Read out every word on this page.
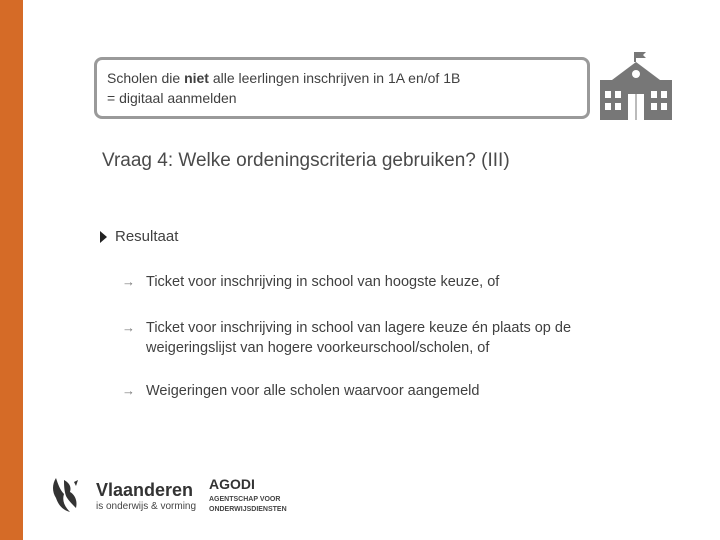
Scholen die niet alle leerlingen inschrijven in 1A en/of 1B
= digitaal aanmelden
Vraag 4: Welke ordeningscriteria gebruiken? (III)
Resultaat
→ Ticket voor inschrijving in school van hoogste keuze, of
→ Ticket voor inschrijving in school van lagere keuze én plaats op de weigeringslijst van hogere voorkeurschool/scholen, of
→ Weigeringen voor alle scholen waarvoor aangemeld
Vlaanderen
is onderwijs & vorming
AGODI
AGENTSCHAP VOOR ONDERWIJSDIENSTEN
